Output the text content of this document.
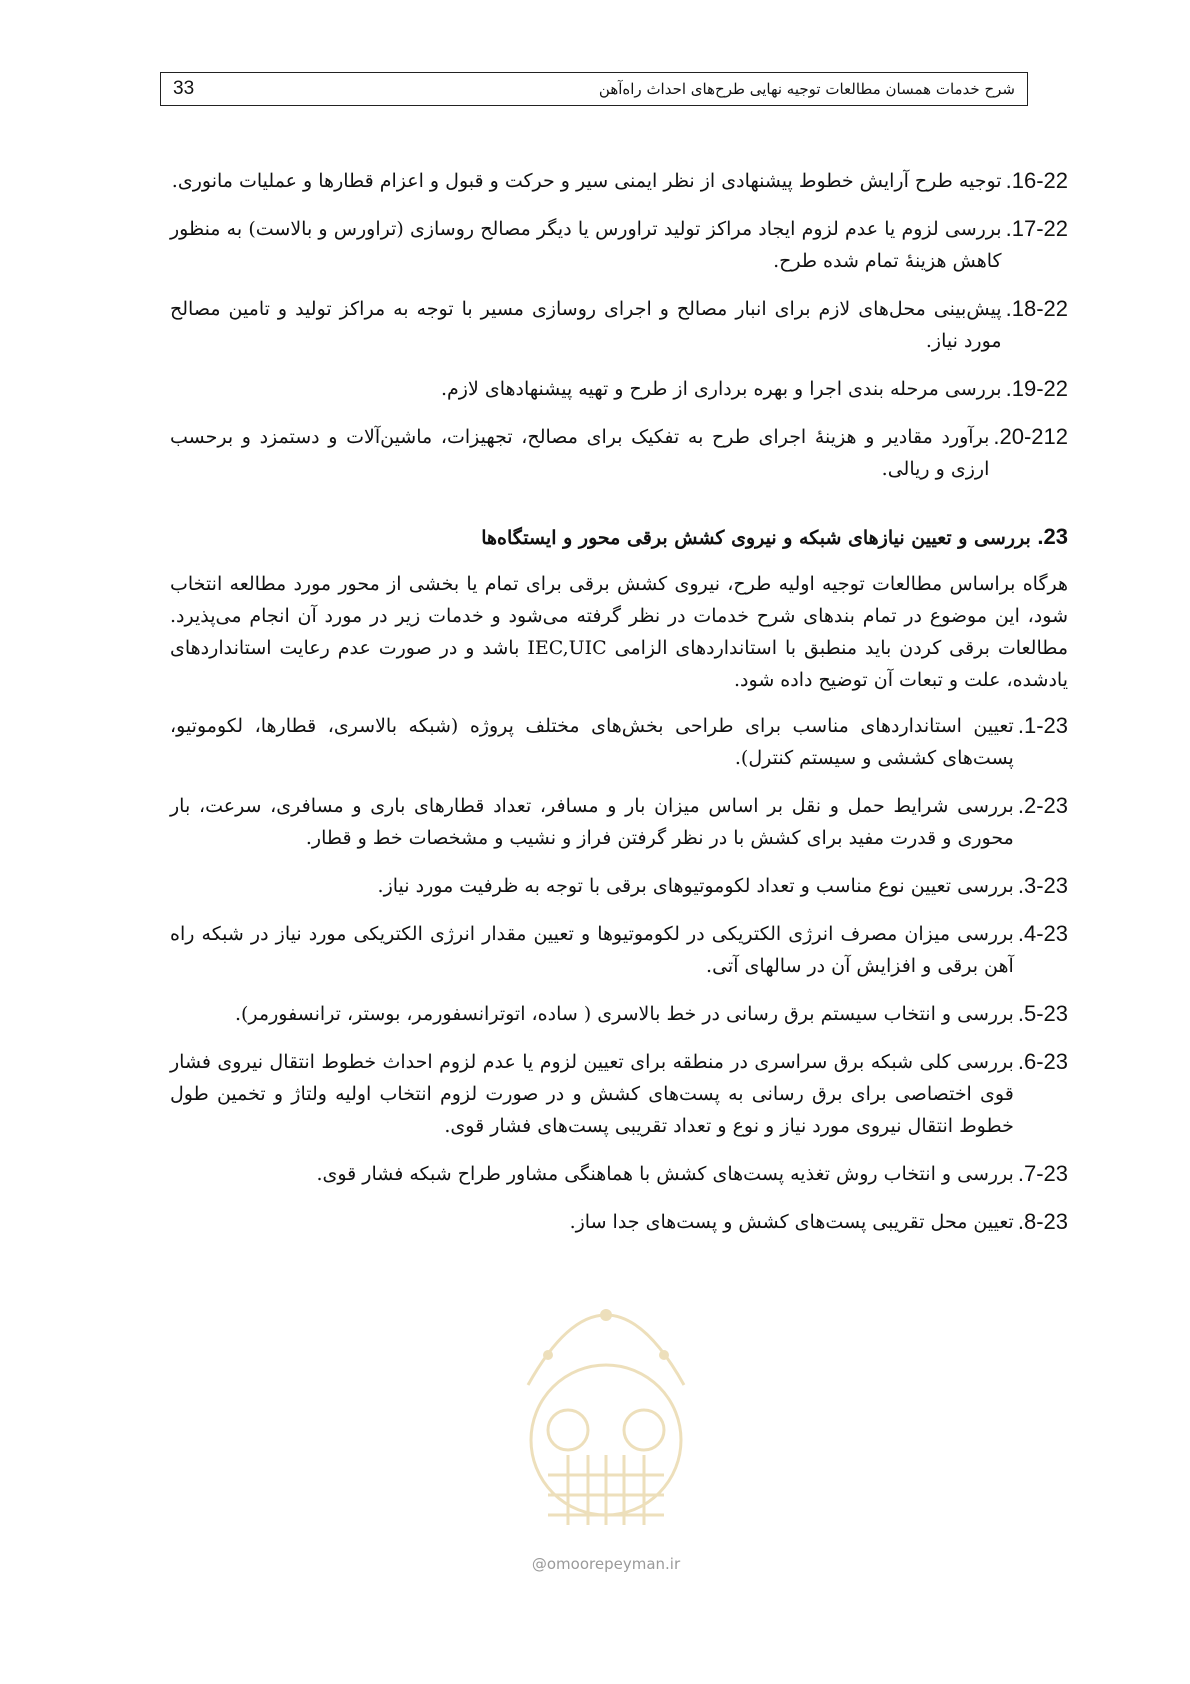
33	شرح خدمات همسان مطالعات توجیه نهایی طرح‌های احداث راه‌آهن
16-22.
توجیه طرح آرایش خطوط پیشنهادی از نظر ایمنی سیر و حرکت و قبول و اعزام قطارها و عملیات مانوری.
17-22.
بررسی لزوم یا عدم لزوم ایجاد مراکز تولید تراورس یا دیگر مصالح روسازی (تراورس و بالاست) به منظور کاهش هزینهٔ تمام شده طرح.
18-22.
پیش‌بینی محل‌های لازم برای انبار مصالح و اجرای روسازی مسیر با توجه به مراکز تولید و تامین مصالح مورد نیاز.
19-22.
بررسی مرحله بندی اجرا و بهره برداری از طرح و تهیه پیشنهادهای لازم.
20-212.
برآورد مقادیر و هزینهٔ اجرای طرح به تفکیک برای مصالح، تجهیزات، ماشین‌آلات و دستمزد و برحسب ارزی و ریالی.
23. بررسی و تعیین نیازهای شبکه و نیروی کشش برقی محور و ایستگاه‌ها
هرگاه براساس مطالعات توجیه اولیه طرح، نیروی کشش برقی برای تمام یا بخشی از محور مورد مطالعه انتخاب شود، این موضوع در تمام بندهای شرح خدمات در نظر گرفته می‌شود و خدمات زیر در مورد آن انجام می‌پذیرد. مطالعات برقی کردن باید منطبق با استانداردهای الزامی IEC,UIC باشد و در صورت عدم رعایت استانداردهای یادشده، علت و تبعات آن توضیح داده شود.
1-23.
تعیین استانداردهای مناسب برای طراحی بخش‌های مختلف پروژه (شبکه بالاسری، قطارها، لکوموتیو، پست‌های کششی و سیستم کنترل).
2-23.
بررسی شرایط حمل و نقل بر اساس میزان بار و مسافر، تعداد قطارهای باری و مسافری، سرعت، بار محوری و قدرت مفید برای کشش با در نظر گرفتن فراز و نشیب و مشخصات خط و قطار.
3-23.
بررسی تعیین نوع مناسب و تعداد لکوموتیوهای برقی با توجه به ظرفیت مورد نیاز.
4-23.
بررسی میزان مصرف انرژی الکتریکی در لکوموتیوها و تعیین مقدار انرژی الکتریکی مورد نیاز در شبکه راه آهن برقی و افزایش آن در سالهای آتی.
5-23.
بررسی و انتخاب سیستم برق رسانی در خط بالاسری ( ساده، اتوترانسفورمر، بوستر، ترانسفورمر).
6-23.
بررسی کلی شبکه برق سراسری در منطقه برای تعیین لزوم یا عدم لزوم احداث خطوط انتقال نیروی فشار قوی اختصاصی برای برق رسانی به پست‌های کشش و در صورت لزوم انتخاب اولیه ولتاژ و تخمین طول خطوط انتقال نیروی مورد نیاز و نوع و تعداد تقریبی پست‌های فشار قوی.
7-23.
بررسی و انتخاب روش تغذیه پست‌های کشش با هماهنگی مشاور طراح شبکه فشار قوی.
8-23.
تعیین محل تقریبی پست‌های کشش و پست‌های جدا ساز.
@omoorepeyman.ir
